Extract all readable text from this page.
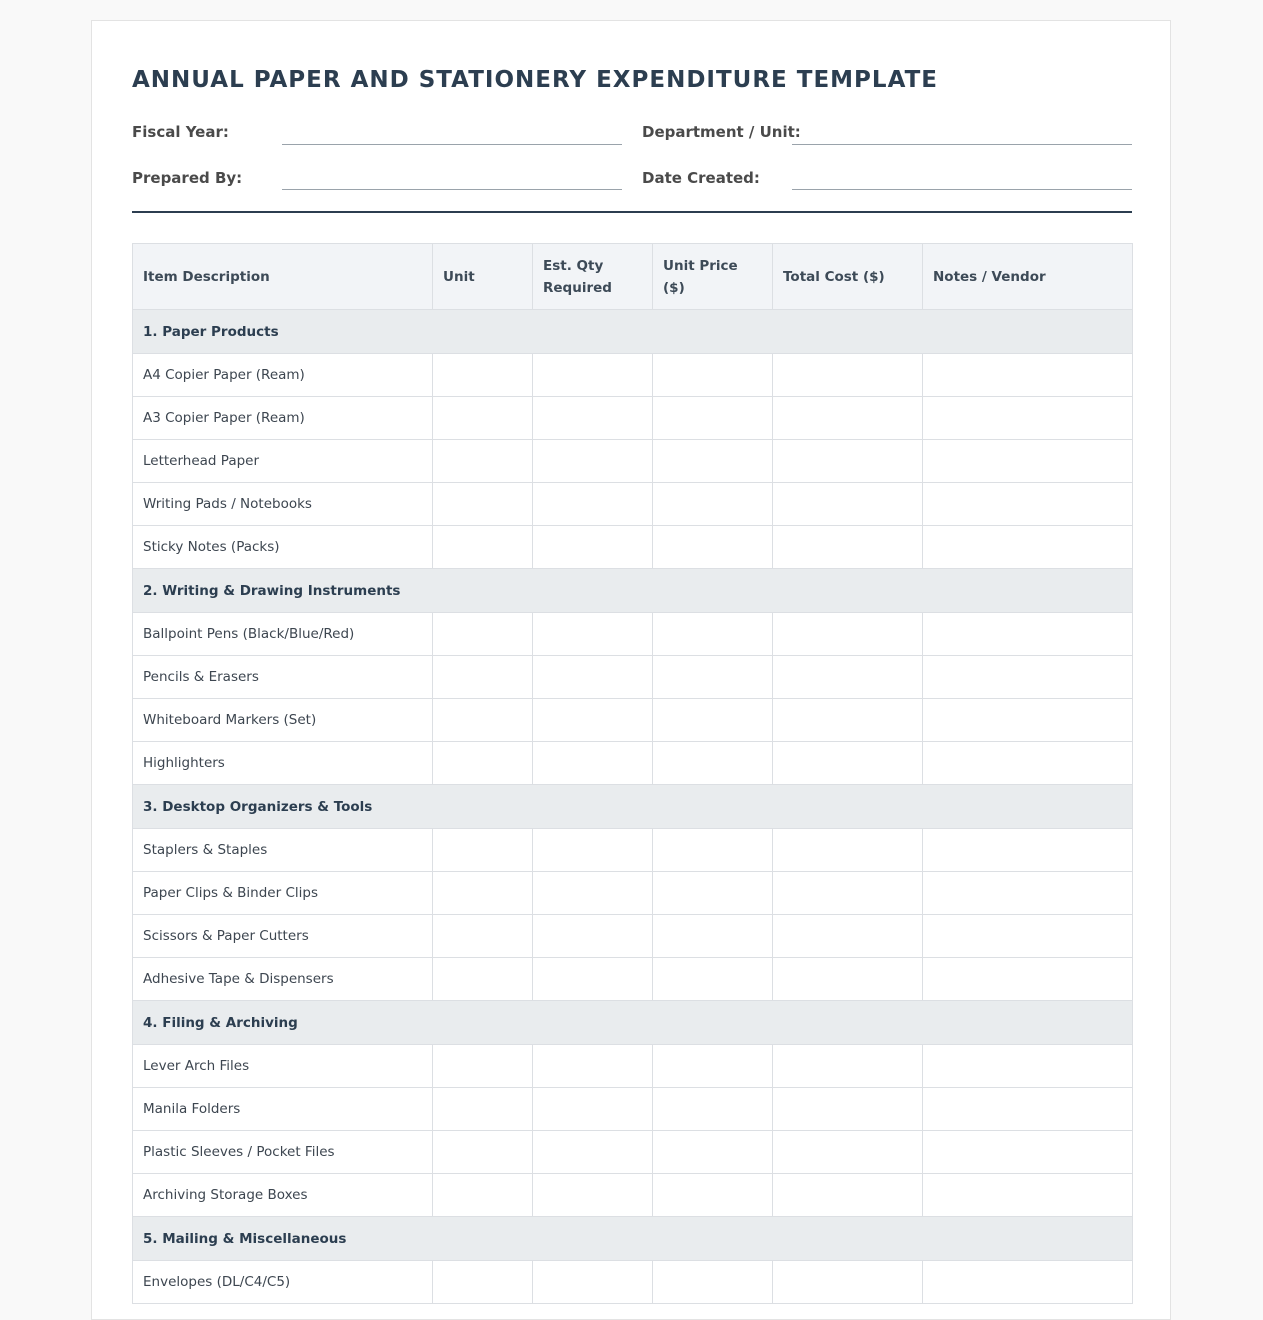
ANNUAL PAPER AND STATIONERY EXPENDITURE TEMPLATE
Fiscal Year:	Department / Unit:
Prepared By:	Date Created:
Item Description	Unit	Est. Qty Required	Unit Price ($)	Total Cost ($)	Notes / Vendor
1. Paper Products					
A4 Copier Paper (Ream)					
A3 Copier Paper (Ream)					
Letterhead Paper					
Writing Pads / Notebooks					
Sticky Notes (Packs)					
2. Writing & Drawing Instruments					
Ballpoint Pens (Black/Blue/Red)					
Pencils & Erasers					
Whiteboard Markers (Set)					
Highlighters					
3. Desktop Organizers & Tools					
Staplers & Staples					
Paper Clips & Binder Clips					
Scissors & Paper Cutters					
Adhesive Tape & Dispensers					
4. Filing & Archiving					
Lever Arch Files					
Manila Folders					
Plastic Sleeves / Pocket Files					
Archiving Storage Boxes					
5. Mailing & Miscellaneous					
Envelopes (DL/C4/C5)					
